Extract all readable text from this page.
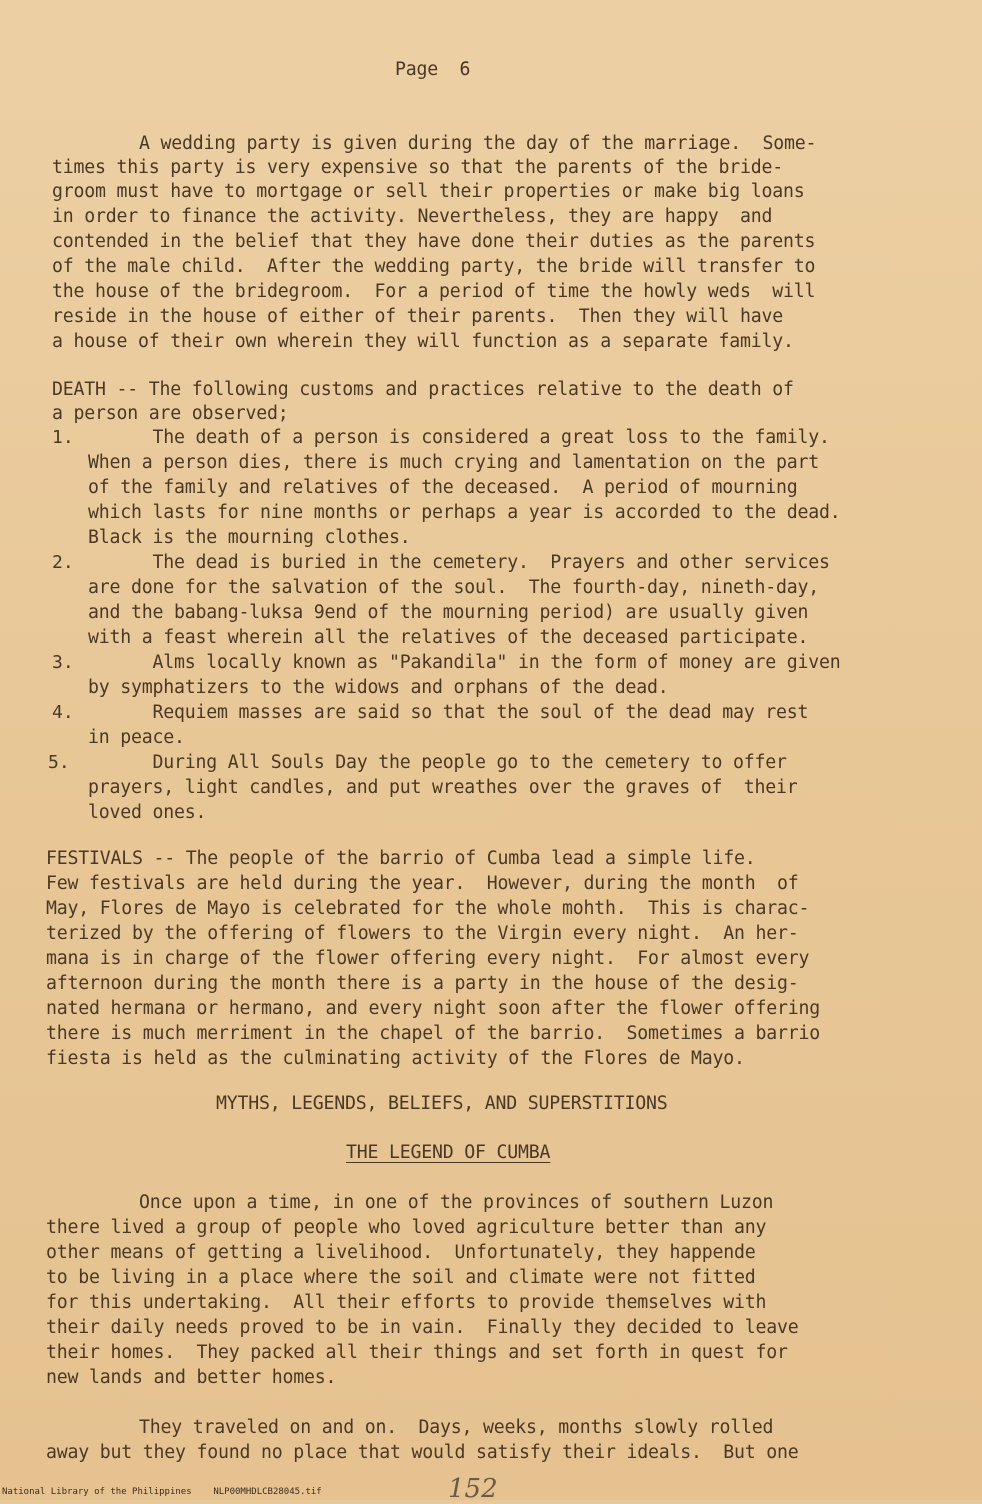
Page  6
A wedding party is given during the day of the marriage.  Some-
times this party is very expensive so that the parents of the bride-
groom must have to mortgage or sell their properties or make big loans
in order to finance the activity. Nevertheless, they are happy  and
contended in the belief that they have done their duties as the parents
of the male child.  After the wedding party, the bride will transfer to
the house of the bridegroom.  For a period of time the howly weds  will
reside in the house of either of their parents.  Then they will have
a house of their own wherein they will function as a separate family.
DEATH -- The following customs and practices relative to the death of
a person are observed;
1. The death of a person is considered a great loss to the family.
When a person dies, there is much crying and lamentation on the part
of the family and relatives of the deceased.  A period of mourning
which lasts for nine months or perhaps a year is accorded to the dead.
Black is the mourning clothes.
2. The dead is buried in the cemetery.  Prayers and other services
are done for the salvation of the soul.  The fourth-day, nineth-day,
and the babang-luksa 9end of the mourning period) are usually given
with a feast wherein all the relatives of the deceased participate.
3. Alms locally known as "Pakandila" in the form of money are given
by symphatizers to the widows and orphans of the dead.
4. Requiem masses are said so that the soul of the dead may rest
in peace.
5. During All Souls Day the people go to the cemetery to offer
prayers, light candles, and put wreathes over the graves of  their
loved ones.
FESTIVALS -- The people of the barrio of Cumba lead a simple life.
Few festivals are held during the year.  However, during the month  of
May, Flores de Mayo is celebrated for the whole mohth.  This is charac-
terized by the offering of flowers to the Virgin every night.  An her-
mana is in charge of the flower offering every night.  For almost every
afternoon during the month there is a party in the house of the desig-
nated hermana or hermano, and every night soon after the flower offering
there is much merriment in the chapel of the barrio.  Sometimes a barrio
fiesta is held as the culminating activity of the Flores de Mayo.
MYTHS, LEGENDS, BELIEFS, AND SUPERSTITIONS
THE LEGEND OF CUMBA
Once upon a time, in one of the provinces of southern Luzon
there lived a group of people who loved agriculture better than any
other means of getting a livelihood.  Unfortunately, they happende
to be living in a place where the soil and climate were not fitted
for this undertaking.  All their efforts to provide themselves with
their daily needs proved to be in vain.  Finally they decided to leave
their homes.  They packed all their things and set forth in quest for
new lands and better homes.
They traveled on and on.  Days, weeks, months slowly rolled
away but they found no place that would satisfy their ideals.  But one
National Library of the Philippines NLP00MHDLCB28045.tif	152
